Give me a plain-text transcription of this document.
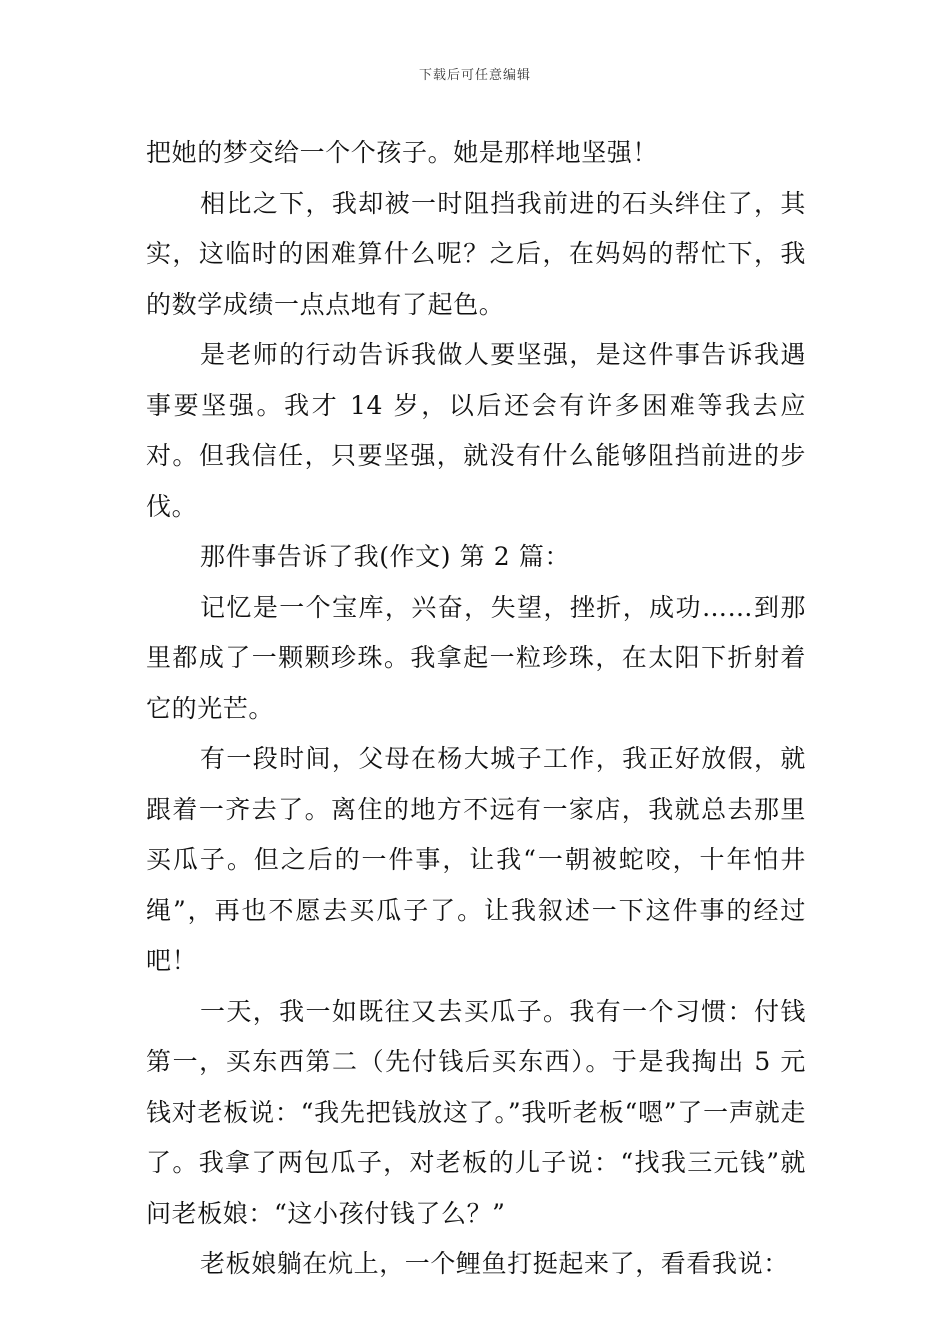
下载后可任意编辑

把她的梦交给一个个孩子。她是那样地坚强！

相比之下，我却被一时阻挡我前进的石头绊住了，其实，这临时的困难算什么呢？之后，在妈妈的帮忙下，我的数学成绩一点点地有了起色。

是老师的行动告诉我做人要坚强，是这件事告诉我遇事要坚强。我才 14 岁，以后还会有许多困难等我去应对。但我信任，只要坚强，就没有什么能够阻挡前进的步伐。

那件事告诉了我(作文) 第 2 篇：

记忆是一个宝库，兴奋，失望，挫折，成功……到那里都成了一颗颗珍珠。我拿起一粒珍珠，在太阳下折射着它的光芒。

有一段时间，父母在杨大城子工作，我正好放假，就跟着一齐去了。离住的地方不远有一家店，我就总去那里买瓜子。但之后的一件事，让我“一朝被蛇咬，十年怕井绳”，再也不愿去买瓜子了。让我叙述一下这件事的经过吧！

一天，我一如既往又去买瓜子。我有一个习惯：付钱第一，买东西第二（先付钱后买东西）。于是我掏出 5 元钱对老板说：“我先把钱放这了。”我听老板“嗯”了一声就走了。我拿了两包瓜子，对老板的儿子说：“找我三元钱”就问老板娘：“这小孩付钱了么？”

老板娘躺在炕上，一个鲤鱼打挺起来了，看看我说：
